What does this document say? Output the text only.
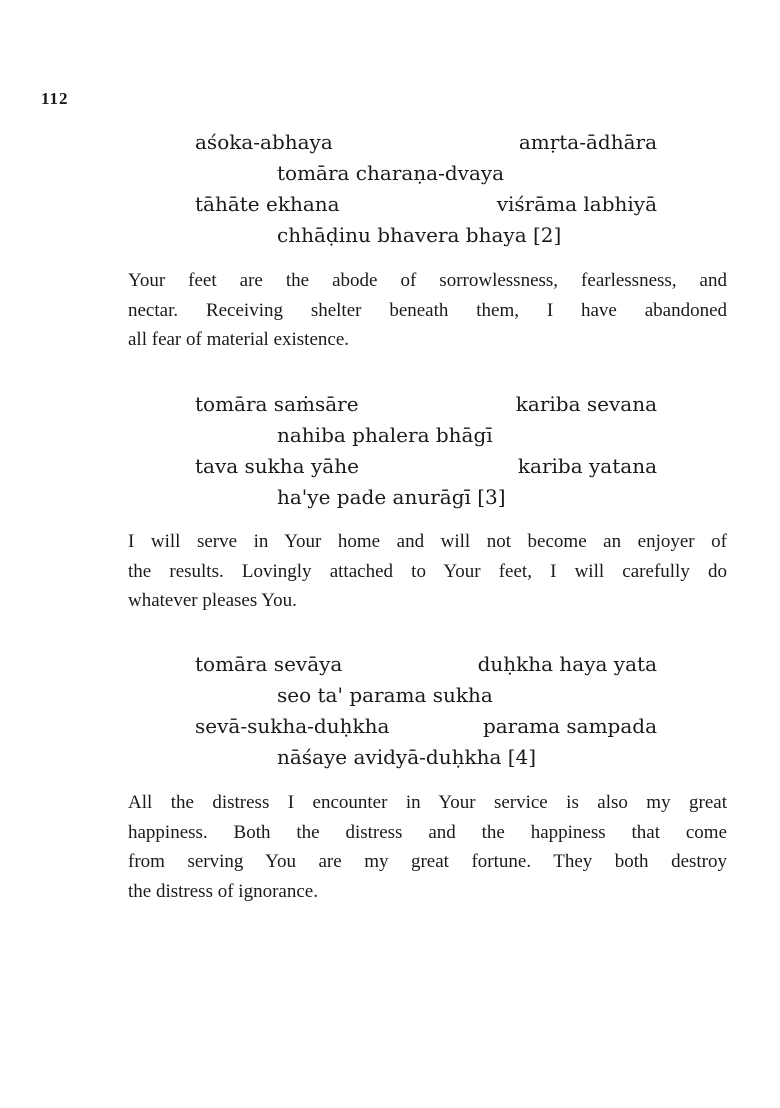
112
aśoka-abhaya	amṛta-ādhāra
tomāra charaṇa-dvaya
tāhāte ekhana	viśrāma labhiyā
chhāḍinu bhavera bhaya [2]
Your feet are the abode of sorrowlessness, fearlessness, and
nectar. Receiving shelter beneath them, I have abandoned
all fear of material existence.
tomāra saṁsāre	kariba sevana
nahiba phalera bhāgī
tava sukha yāhe	kariba yatana
ha'ye pade anurāgī [3]
I will serve in Your home and will not become an enjoyer of
the results. Lovingly attached to Your feet, I will carefully do
whatever pleases You.
tomāra sevāya	duḥkha haya yata
seo ta' parama sukha
sevā-sukha-duḥkha	parama sampada
nāśaye avidyā-duḥkha [4]
All the distress I encounter in Your service is also my great
happiness. Both the distress and the happiness that come
from serving You are my great fortune. They both destroy
the distress of ignorance.
